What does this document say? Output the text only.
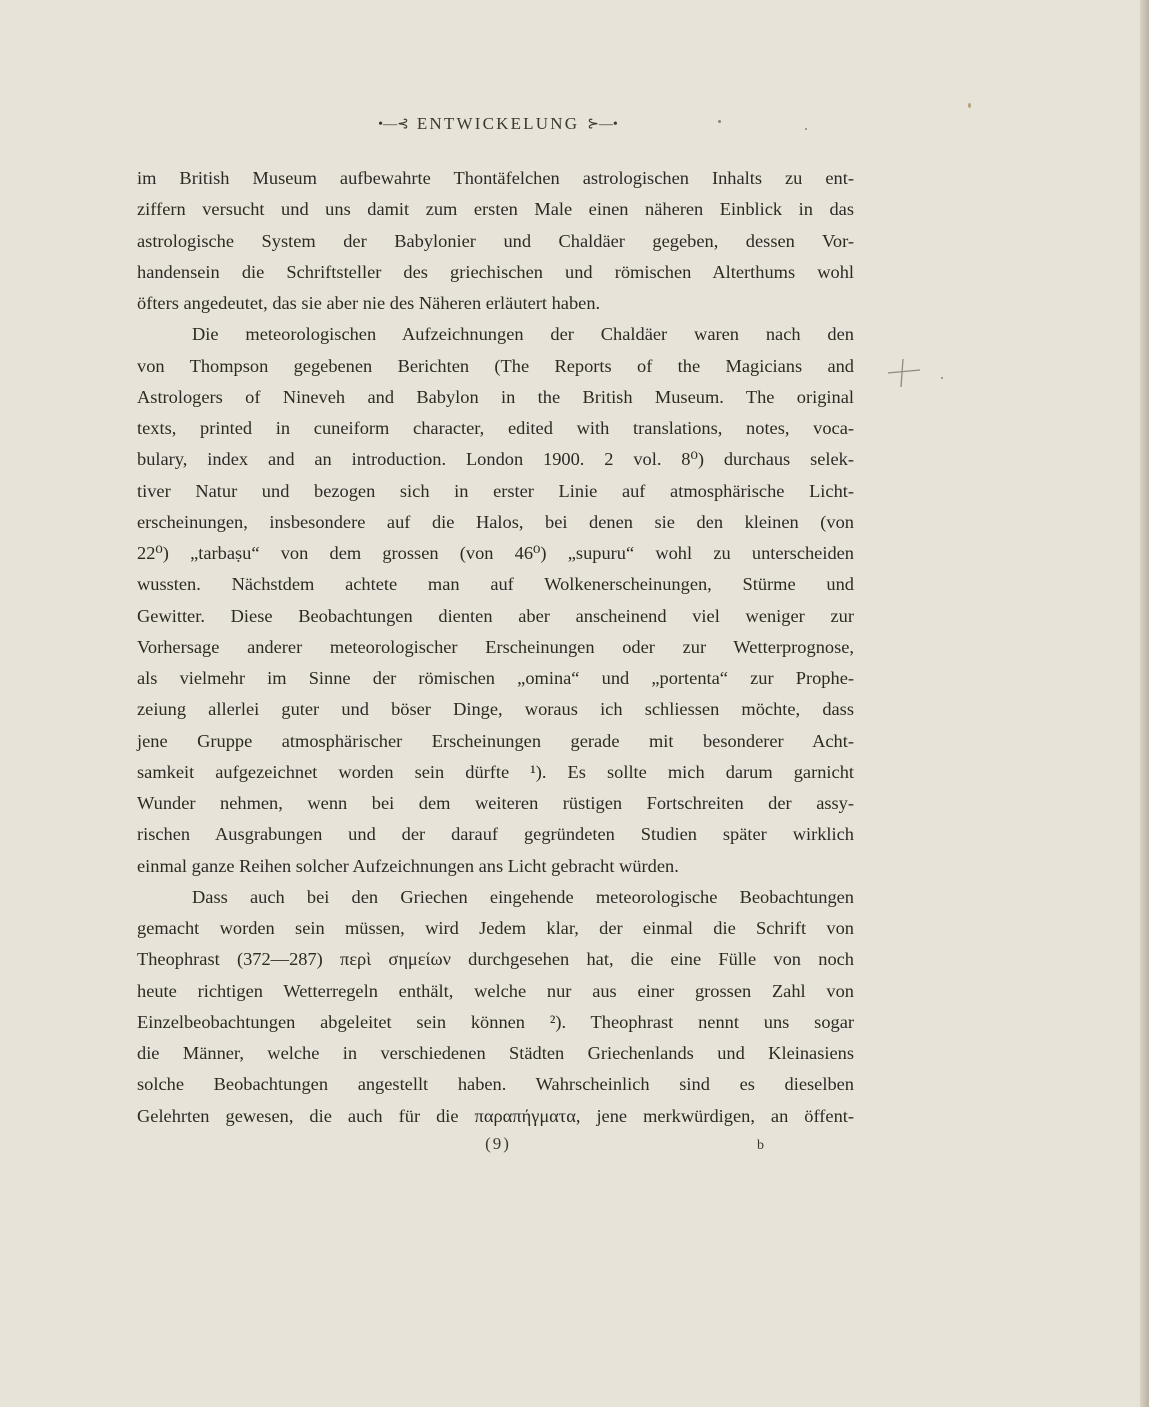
•—⊰ ENTWICKELUNG ⊱—•
im British Museum aufbewahrte Thontäfelchen astrologischen Inhalts zu ent-
ziffern versucht und uns damit zum ersten Male einen näheren Einblick in das
astrologische System der Babylonier und Chaldäer gegeben, dessen Vor-
handensein die Schriftsteller des griechischen und römischen Alterthums wohl
öfters angedeutet, das sie aber nie des Näheren erläutert haben.
Die meteorologischen Aufzeichnungen der Chaldäer waren nach den
von Thompson gegebenen Berichten (The Reports of the Magicians and
Astrologers of Nineveh and Babylon in the British Museum. The original
texts, printed in cuneiform character, edited with translations, notes, voca-
bulary, index and an introduction. London 1900. 2 vol. 8⁰) durchaus selek-
tiver Natur und bezogen sich in erster Linie auf atmosphärische Licht-
erscheinungen, insbesondere auf die Halos, bei denen sie den kleinen (von
22⁰) „tarbaṣu“ von dem grossen (von 46⁰) „supuru“ wohl zu unterscheiden
wussten. Nächstdem achtete man auf Wolkenerscheinungen, Stürme und
Gewitter. Diese Beobachtungen dienten aber anscheinend viel weniger zur
Vorhersage anderer meteorologischer Erscheinungen oder zur Wetterprognose,
als vielmehr im Sinne der römischen „omina“ und „portenta“ zur Prophe-
zeiung allerlei guter und böser Dinge, woraus ich schliessen möchte, dass
jene Gruppe atmosphärischer Erscheinungen gerade mit besonderer Acht-
samkeit aufgezeichnet worden sein dürfte ¹). Es sollte mich darum garnicht
Wunder nehmen, wenn bei dem weiteren rüstigen Fortschreiten der assy-
rischen Ausgrabungen und der darauf gegründeten Studien später wirklich
einmal ganze Reihen solcher Aufzeichnungen ans Licht gebracht würden.
Dass auch bei den Griechen eingehende meteorologische Beobachtungen
gemacht worden sein müssen, wird Jedem klar, der einmal die Schrift von
Theophrast (372—287) περὶ σημείων durchgesehen hat, die eine Fülle von noch
heute richtigen Wetterregeln enthält, welche nur aus einer grossen Zahl von
Einzelbeobachtungen abgeleitet sein können ²). Theophrast nennt uns sogar
die Männer, welche in verschiedenen Städten Griechenlands und Kleinasiens
solche Beobachtungen angestellt haben. Wahrscheinlich sind es dieselben
Gelehrten gewesen, die auch für die παραπήγματα, jene merkwürdigen, an öffent-
(9)	b
